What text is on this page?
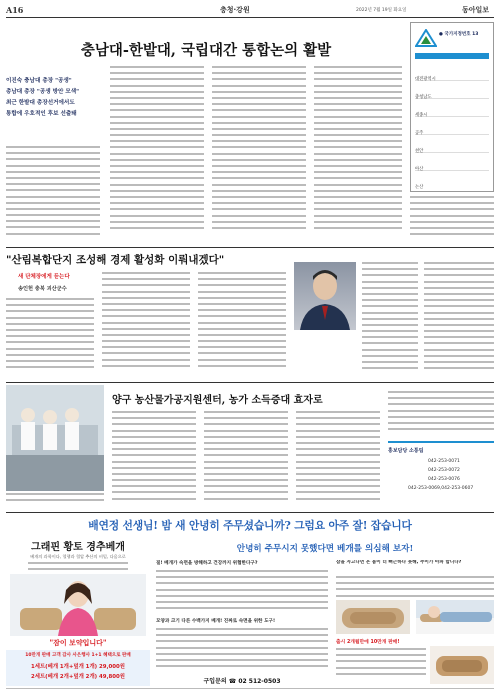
A16	충청·강원	2022년 7월 19일 화요일	동아일보
충남대-한밭대, 국립대간 통합논의 활발
이진숙 충남대 총장 "공생"
총남대 총장 "공생 방안 모색"
최근 한밭대 총장선거에서도
통합에 우호적인 후보 선출돼
● 국가지정번호 13
대전광역시
충청남도
세종시
공주
천안
아산
논산
"산림복합단지 조성해 경제 활성화 이뤄내겠다"
새 단체장에게 듣는다
송인헌 충북 괴산군수
양구 농산물가공지원센터, 농가 소득증대 효자로
홍보담당 소통팀
042-253-0071
042-253-0072
042-253-0076
042-253-0069,042-253-0607
배연정 선생님! 밤 새 안녕히 주무셨습니까? 그럼요 아주 잘! 잡습니다
그래핀 황토 경추베개
베개의 과학이다, 혈행과 혈압 추산의 비밀, 다음으로
"잠이 보약입니다"
10만개 판매 고객 감사 사은행사 1+1 혜택으로 판매
1세트(베개 1개+덮개 1개) 29,000원
2세트(베개 2개+덮개 2개) 49,800원
안녕히 주무시지 못했다면 베개를 의심해 보자!
질! 베개가 숙면을 방해하고 건강까지 위협한다구?
모양과 크기 다른 수백가지 베개! 진짜로 숙면을 위한 도구!
구입문의 ☎ 02 512-0503
잠을 자고나면 온 몸이 더 뻐근하다 못해, 주이가 아파 합니다?
출시 2개월만에 10만개 판매!
